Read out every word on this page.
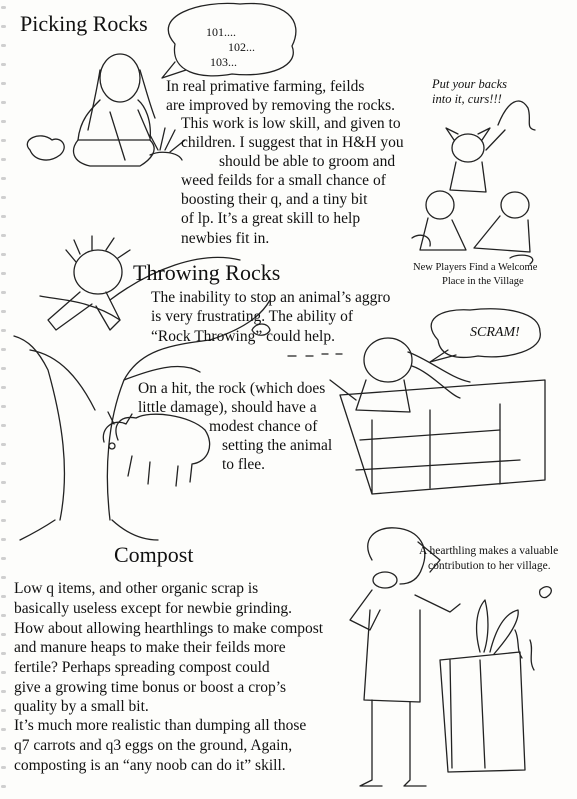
Picking Rocks	101....
102...
103...
In real primative farming, feilds
are improved by removing the rocks.
This work is low skill, and given to
children. I suggest that in H&H you
should be able to groom and
weed feilds for a small chance of
boosting their q, and a tiny bit
of lp. It’s a great skill to help
newbies fit in.
Put your backs
into it, curs!!!
New Players Find a Welcome
Place in the Village
Throwing Rocks
The inability to stop an animal’s aggro
is very frustrating. The ability of
“Rock Throwing” could help.	SCRAM!
On a hit, the rock (which does
little damage), should have a
modest chance of
setting the animal
to flee.
Compost	A hearthling makes a valuable
contribution to her village.
Low q items, and other organic scrap is
basically useless except for newbie grinding.
How about allowing hearthlings to make compost
and manure heaps to make their feilds more
fertile? Perhaps spreading compost could
give a growing time bonus or boost a crop’s
quality by a small bit.
It’s much more realistic than dumping all those
q7 carrots and q3 eggs on the ground, Again,
composting is an “any noob can do it” skill.
